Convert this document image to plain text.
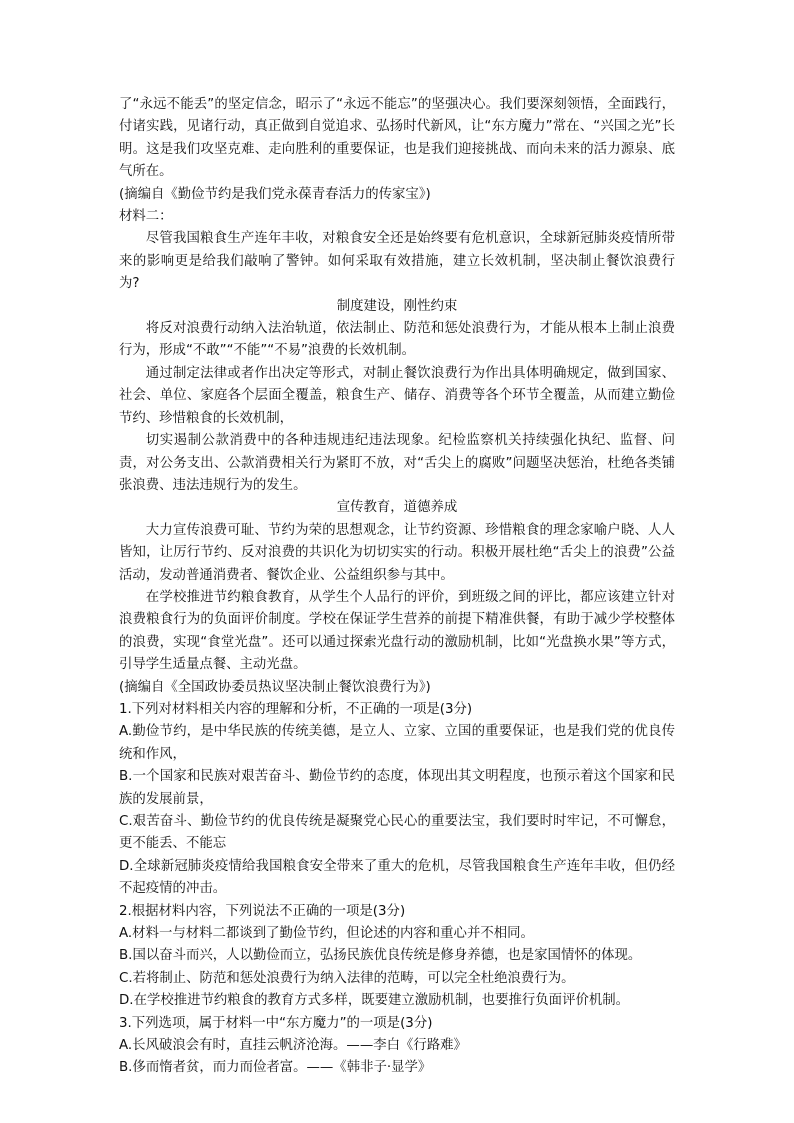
了“永远不能丢”的坚定信念，昭示了“永远不能忘”的坚强决心。我们要深刻领悟，全面践行，付诸实践，见诸行动，真正做到自觉追求、弘扬时代新风，让“东方魔力”常在、“兴国之光”长明。这是我们攻坚克难、走向胜利的重要保证，也是我们迎接挑战、而向未来的活力源泉、底气所在。

(摘编自《勤俭节约是我们党永葆青春活力的传家宝》)

材料二：

尽管我国粮食生产连年丰收，对粮食安全还是始终要有危机意识，全球新冠肺炎疫情所带来的影响更是给我们敲响了警钟。如何采取有效措施，建立长效机制，坚决制止餐饮浪费行为?

制度建设，刚性约束

将反对浪费行动纳入法治轨道，依法制止、防范和惩处浪费行为，才能从根本上制止浪费行为，形成“不敢”“不能”“不易”浪费的长效机制。

通过制定法律或者作出决定等形式，对制止餐饮浪费行为作出具体明确规定，做到国家、社会、单位、家庭各个层面全覆盖，粮食生产、储存、消费等各个环节全覆盖，从而建立勤俭节约、珍惜粮食的长效机制，

切实遏制公款消费中的各种违规违纪违法现象。纪检监察机关持续强化执纪、监督、问责，对公务支出、公款消费相关行为紧盯不放，对“舌尖上的腐败”问题坚决惩治，杜绝各类铺张浪费、违法违规行为的发生。

宣传教育，道德养成

大力宣传浪费可耻、节约为荣的思想观念，让节约资源、珍惜粮食的理念家喻户晓、人人皆知，让厉行节约、反对浪费的共识化为切切实实的行动。积极开展杜绝“舌尖上的浪费”公益活动，发动普通消费者、餐饮企业、公益组织参与其中。

在学校推进节约粮食教育，从学生个人品行的评价，到班级之间的评比，都应该建立针对浪费粮食行为的负面评价制度。学校在保证学生营养的前提下精准供餐，有助于减少学校整体的浪费，实现“食堂光盘”。还可以通过探索光盘行动的激励机制，比如“光盘换水果”等方式，引导学生适量点餐、主动光盘。

(摘编自《全国政协委员热议坚决制止餐饮浪费行为》)

1.下列对材料相关内容的理解和分析，不正确的一项是(3分)

A.勤俭节约，是中华民族的传统美德，是立人、立家、立国的重要保证，也是我们党的优良传统和作风，

B.一个国家和民族对艰苦奋斗、勤俭节约的态度，体现出其文明程度，也预示着这个国家和民族的发展前景，

C.艰苦奋斗、勤俭节约的优良传统是凝聚党心民心的重要法宝，我们要时时牢记，不可懈怠，更不能丢、不能忘

D.全球新冠肺炎疫情给我国粮食安全带来了重大的危机，尽管我国粮食生产连年丰收，但仍经不起疫情的冲击。

2.根据材料内容，下列说法不正确的一项是(3分)

A.材料一与材料二都谈到了勤俭节约，但论述的内容和重心并不相同。

B.国以奋斗而兴，人以勤俭而立，弘扬民族优良传统是修身养德，也是家国情怀的体现。

C.若将制止、防范和惩处浪费行为纳入法律的范畴，可以完全杜绝浪费行为。

D.在学校推进节约粮食的教育方式多样，既要建立激励机制，也要推行负面评价机制。

3.下列选项，属于材料一中“东方魔力”的一项是(3分)

A.长风破浪会有时，直挂云帆济沧海。——李白《行路难》

B.侈而惰者贫，而力而俭者富。——《韩非子·显学》
